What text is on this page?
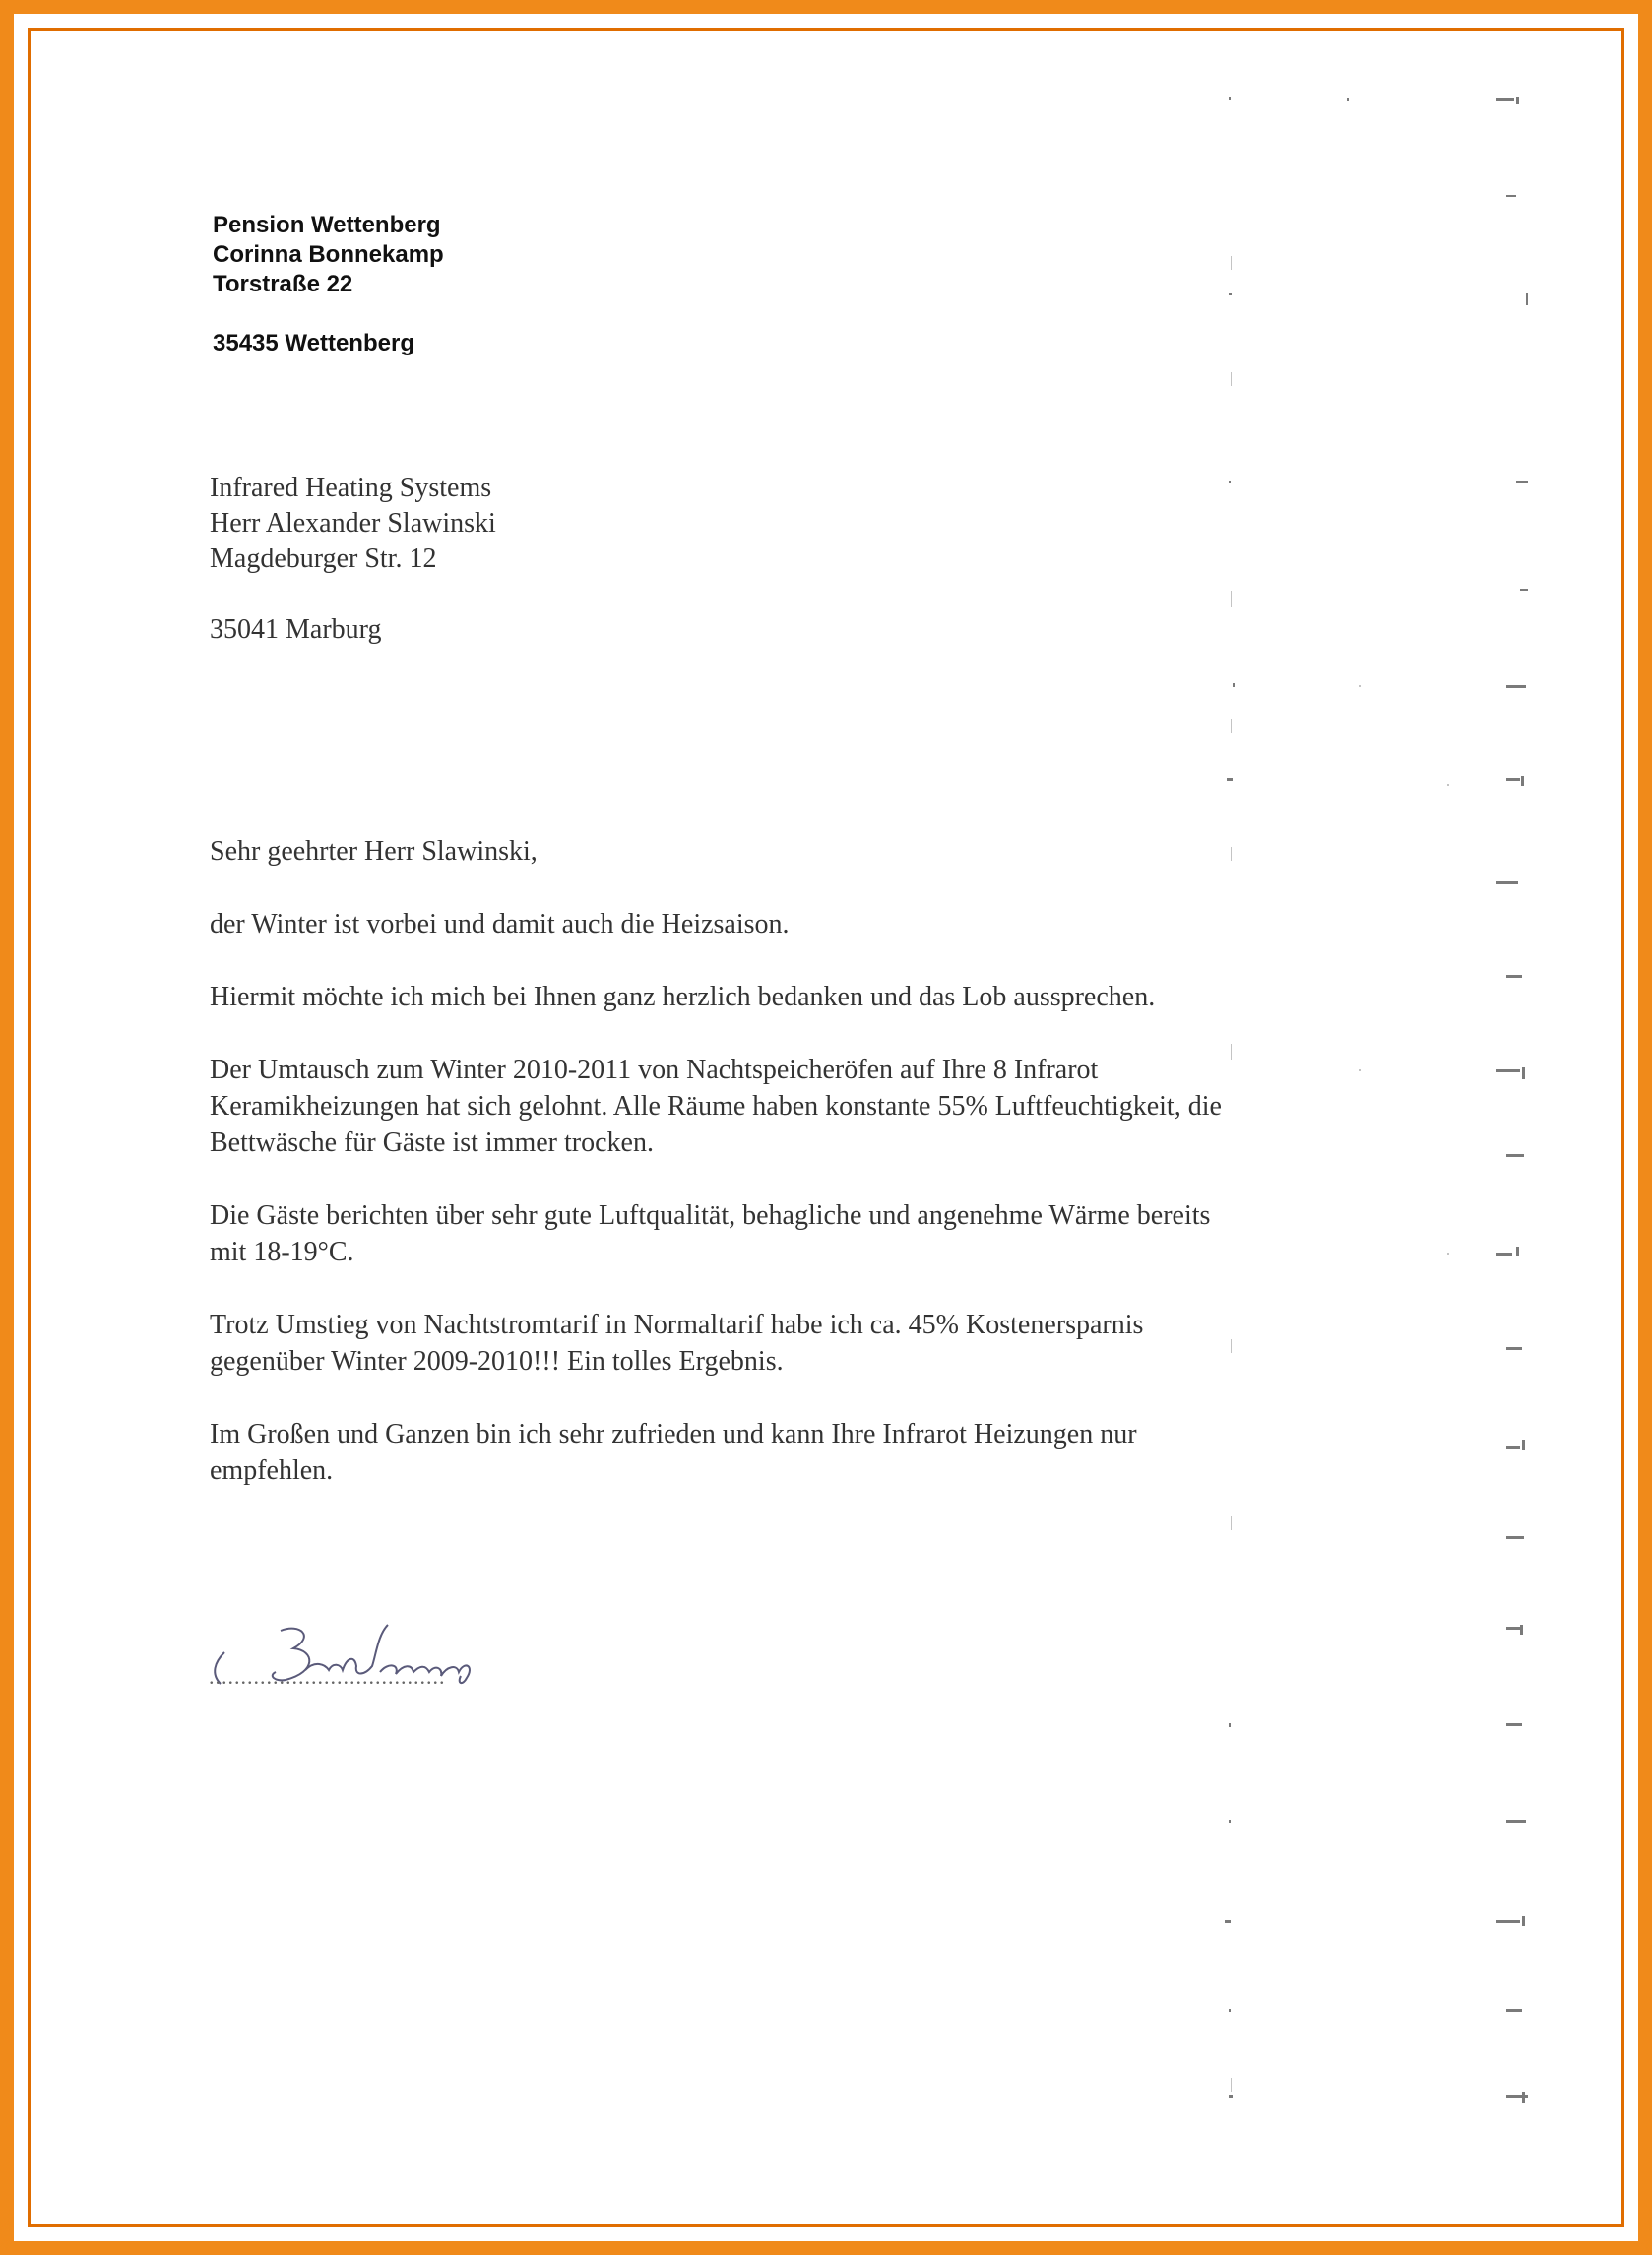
Pension Wettenberg
Corinna Bonnekamp
Torstraße 22
35435 Wettenberg
Infrared Heating Systems
Herr Alexander Slawinski
Magdeburger Str. 12
35041 Marburg

Sehr geehrter Herr Slawinski,

der Winter ist vorbei und damit auch die Heizsaison.

Hiermit möchte ich mich bei Ihnen ganz herzlich bedanken und das Lob aussprechen.

Der Umtausch zum Winter 2010-2011 von Nachtspeicheröfen auf Ihre 8 Infrarot
Keramikheizungen hat sich gelohnt. Alle Räume haben konstante 55% Luftfeuchtigkeit, die
Bettwäsche für Gäste ist immer trocken.

Die Gäste berichten über sehr gute Luftqualität, behagliche und angenehme Wärme bereits
mit 18-19°C.

Trotz Umstieg von Nachtstromtarif in Normaltarif habe ich ca. 45% Kostenersparnis
gegenüber Winter 2009-2010!!! Ein tolles Ergebnis.

Im Großen und Ganzen bin ich sehr zufrieden und kann Ihre Infrarot Heizungen nur
empfehlen.

.....................................
